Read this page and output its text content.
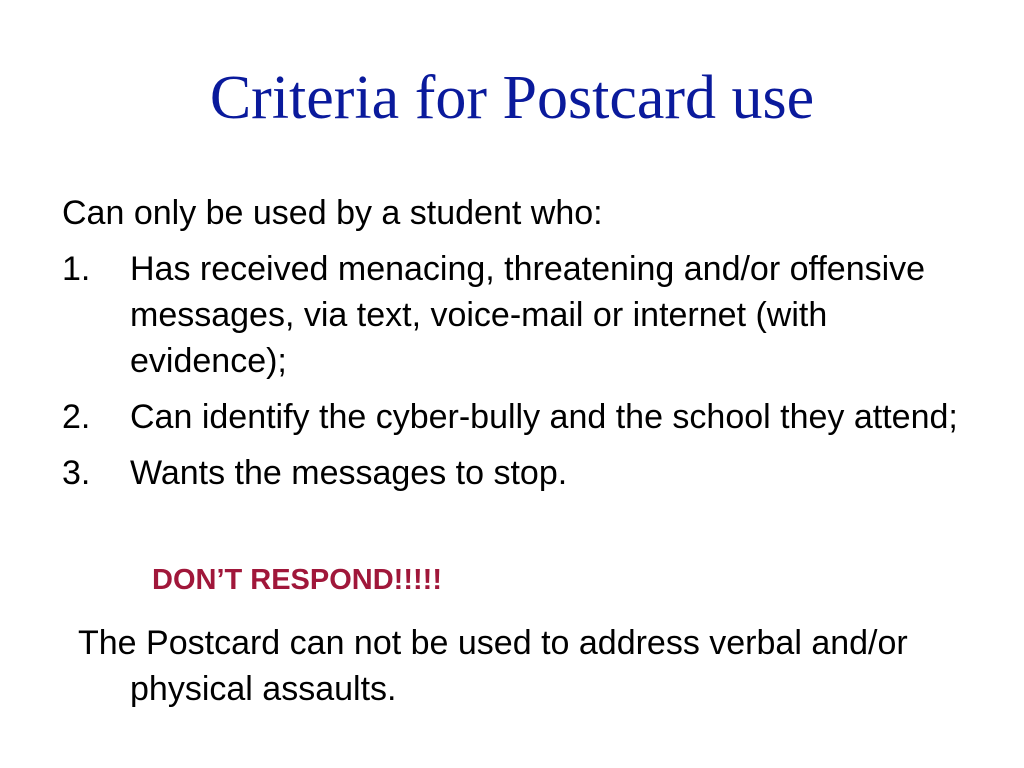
Criteria for Postcard use
Can only be used by a student who:
1.	Has received menacing, threatening and/or offensive messages, via text, voice-mail or internet (with evidence);
2.	Can identify the cyber-bully and the school they attend;
3.	Wants the messages to stop.
DON’T RESPOND!!!!!
The Postcard can not be used to address verbal and/or physical assaults.
